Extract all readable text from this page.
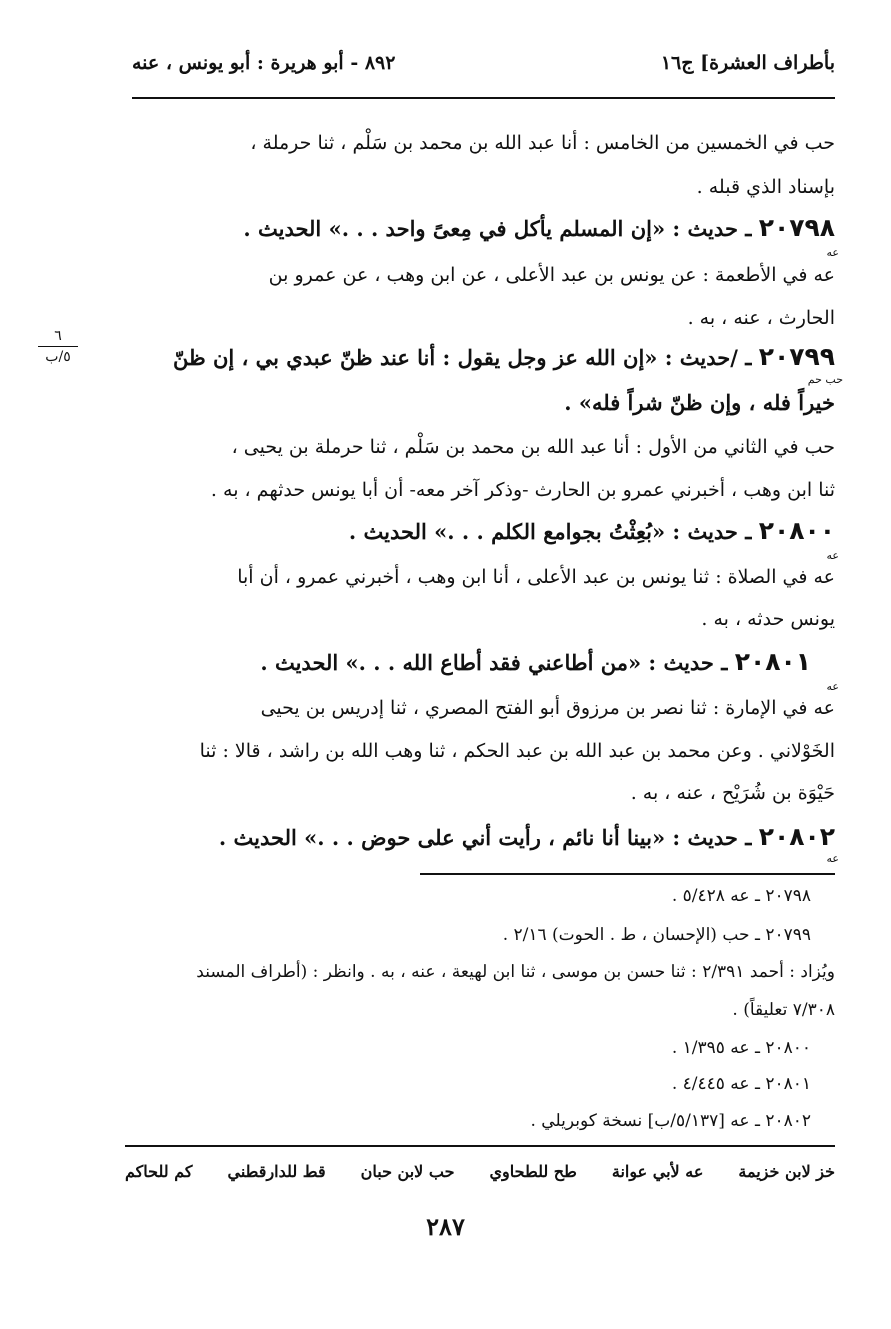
بأطراف العشرة] ج١٦
٨٩٢ - أبو هريرة : أبو يونس ، عنه
حب في الخمسين من الخامس : أنا عبد الله بن محمد بن سَلْم ، ثنا حرملة ،
بإسناد الذي قبله .
٢٠٧٩٨ ـ حديث : «إن المسلم يأكل في مِعىً واحد . . .» الحديث .
عه
عه في الأطعمة : عن يونس بن عبد الأعلى ، عن ابن وهب ، عن عمرو بن
الحارث ، عنه ، به .
٢٠٧٩٩ ـ /حديث : «إن الله عز وجل يقول : أنا عند ظنّ عبدي بي ، إن ظنّ
حب حم
خيراً فله ، وإن ظنّ شراً فله» .
٦
٥/ب
حب في الثاني من الأول : أنا عبد الله بن محمد بن سَلْم ، ثنا حرملة بن يحيى ،
ثنا ابن وهب ، أخبرني عمرو بن الحارث -وذكر آخر معه- أن أبا يونس حدثهم ، به .
٢٠٨٠٠ ـ حديث : «بُعِثْتُ بجوامع الكلم . . .» الحديث .
عه
عه في الصلاة : ثنا يونس بن عبد الأعلى ، أنا ابن وهب ، أخبرني عمرو ، أن أبا
يونس حدثه ، به .
٢٠٨٠١ ـ حديث : «من أطاعني فقد أطاع الله . . .» الحديث .
عه
عه في الإمارة : ثنا نصر بن مرزوق أبو الفتح المصري ، ثنا إدريس بن يحيى
الخَوْلاني . وعن محمد بن عبد الله بن عبد الحكم ، ثنا وهب الله بن راشد ، قالا : ثنا
حَيْوَة بن شُرَيْح ، عنه ، به .
٢٠٨٠٢ ـ حديث : «بينا أنا نائم ، رأيت أني على حوض . . .» الحديث .
عه
٢٠٧٩٨ ـ عه ٥/٤٢٨ .
٢٠٧٩٩ ـ حب (الإحسان ، ط . الحوت) ٢/١٦ .
ويُزاد : أحمد ٢/٣٩١ : ثنا حسن بن موسى ، ثنا ابن لهيعة ، عنه ، به . وانظر : (أطراف المسند
٧/٣٠٨ تعليقاً) .
٢٠٨٠٠ ـ عه ١/٣٩٥ .
٢٠٨٠١ ـ عه ٤/٤٤٥ .
٢٠٨٠٢ ـ عه [٥/١٣٧/ب] نسخة كوبريلي .
خز لابن خزيمة
عه لأبي عوانة
طح للطحاوي
حب لابن حبان
قط للدارقطني
كم للحاكم
٢٨٧
